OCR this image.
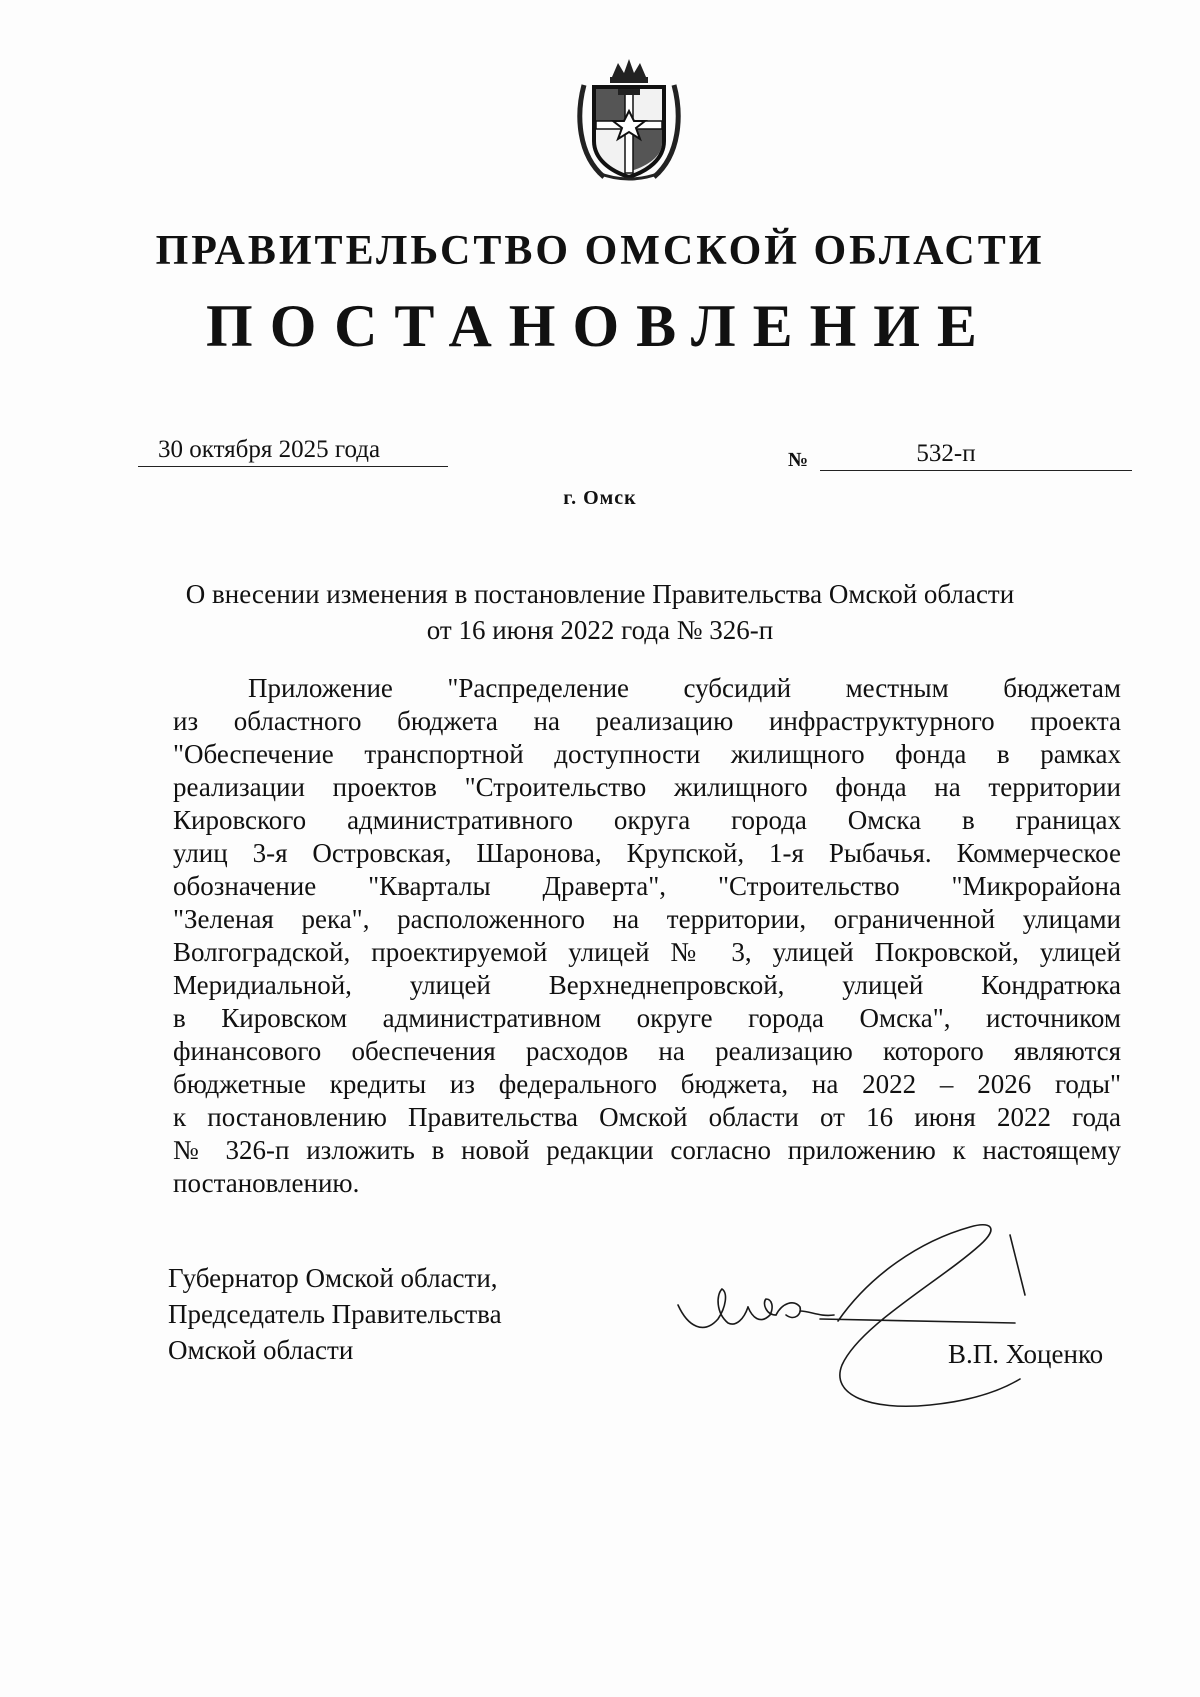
ПРАВИТЕЛЬСТВО ОМСКОЙ ОБЛАСТИ
ПОСТАНОВЛЕНИЕ
30 октября 2025 года	№	532-п
г. Омск
О внесении изменения в постановление Правительства Омской области
от 16 июня 2022 года № 326-п
Приложение "Распределение субсидий местным бюджетам
из областного бюджета на реализацию инфраструктурного проекта
"Обеспечение транспортной доступности жилищного фонда в рамках
реализации проектов "Строительство жилищного фонда на территории
Кировского административного округа города Омска в границах
улиц 3-я Островская, Шаронова, Крупской, 1-я Рыбачья. Коммерческое
обозначение "Кварталы Драверта", "Строительство "Микрорайона
"Зеленая река", расположенного на территории, ограниченной улицами
Волгоградской, проектируемой улицей № 3, улицей Покровской, улицей
Меридиальной, улицей Верхнеднепровской, улицей Кондратюка
в Кировском административном округе города Омска", источником
финансового обеспечения расходов на реализацию которого являются
бюджетные кредиты из федерального бюджета, на 2022 – 2026 годы"
к постановлению Правительства Омской области от 16 июня 2022 года
№ 326-п изложить в новой редакции согласно приложению к настоящему
постановлению.
Губернатор Омской области,
Председатель Правительства
Омской области	В.П. Хоценко
